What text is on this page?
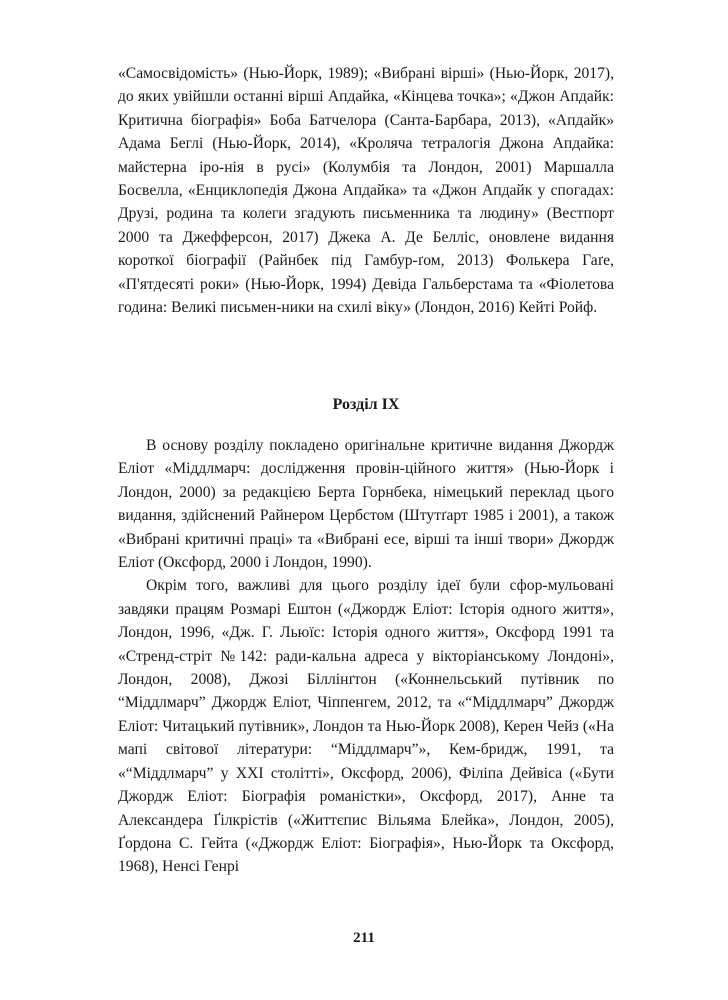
«Самосвідомість» (Нью-Йорк, 1989); «Вибрані вірші» (Нью-Йорк, 2017), до яких увійшли останні вірші Апдайка, «Кінцева точка»; «Джон Апдайк: Критична біографія» Боба Батчелора (Санта-Барбара, 2013), «Апдайк» Адама Беглі (Нью-Йорк, 2014), «Кроляча тетралогія Джона Апдайка: майстерна іро-нія в русі» (Колумбія та Лондон, 2001) Маршалла Босвелла, «Енциклопедія Джона Апдайка» та «Джон Апдайк у спогадах: Друзі, родина та колеги згадують письменника та людину» (Вестпорт 2000 та Джефферсон, 2017) Джека А. Де Белліс, оновлене видання короткої біографії (Райнбек під Гамбур-ґом, 2013) Фолькера Гаґе, «П'ятдесяті роки» (Нью-Йорк, 1994) Девіда Гальберстама та «Фіолетова година: Великі письмен-ники на схилі віку» (Лондон, 2016) Кейті Ройф.

Розділ IX

В основу розділу покладено оригінальне критичне видання Джордж Еліот «Міддлмарч: дослідження провін-ційного життя» (Нью-Йорк і Лондон, 2000) за редакцією Берта Горнбека, німецький переклад цього видання, здійснений Райнером Цербстом (Штутґарт 1985 і 2001), а також «Вибрані критичні праці» та «Вибрані есе, вірші та інші твори» Джордж Еліот (Оксфорд, 2000 і Лондон, 1990).

Окрім того, важливі для цього розділу ідеї були сфор-мульовані завдяки працям Розмарі Ештон («Джордж Еліот: Історія одного життя», Лондон, 1996, «Дж. Г. Льюїс: Історія одного життя», Оксфорд 1991 та «Стренд-стріт №142: ради-кальна адреса у вікторіанському Лондоні», Лондон, 2008), Джозі Біллінґтон («Коннельський путівник по “Міддлмарч” Джордж Еліот, Чіппенгем, 2012, та «“Міддлмарч” Джордж Еліот: Читацький путівник», Лондон та Нью-Йорк 2008), Керен Чейз («На мапі світової літератури: “Міддлмарч”», Кем-бридж, 1991, та «“Міддлмарч” у ХХІ столітті», Оксфорд, 2006), Філіпа Дейвіса («Бути Джордж Еліот: Біографія романістки», Оксфорд, 2017), Анне та Александера Ґілкрістів («Життєпис Вільяма Блейка», Лондон, 2005), Ґордона С. Гейта («Джордж Еліот: Біографія», Нью-Йорк та Оксфорд, 1968), Ненсі Генрі

211
